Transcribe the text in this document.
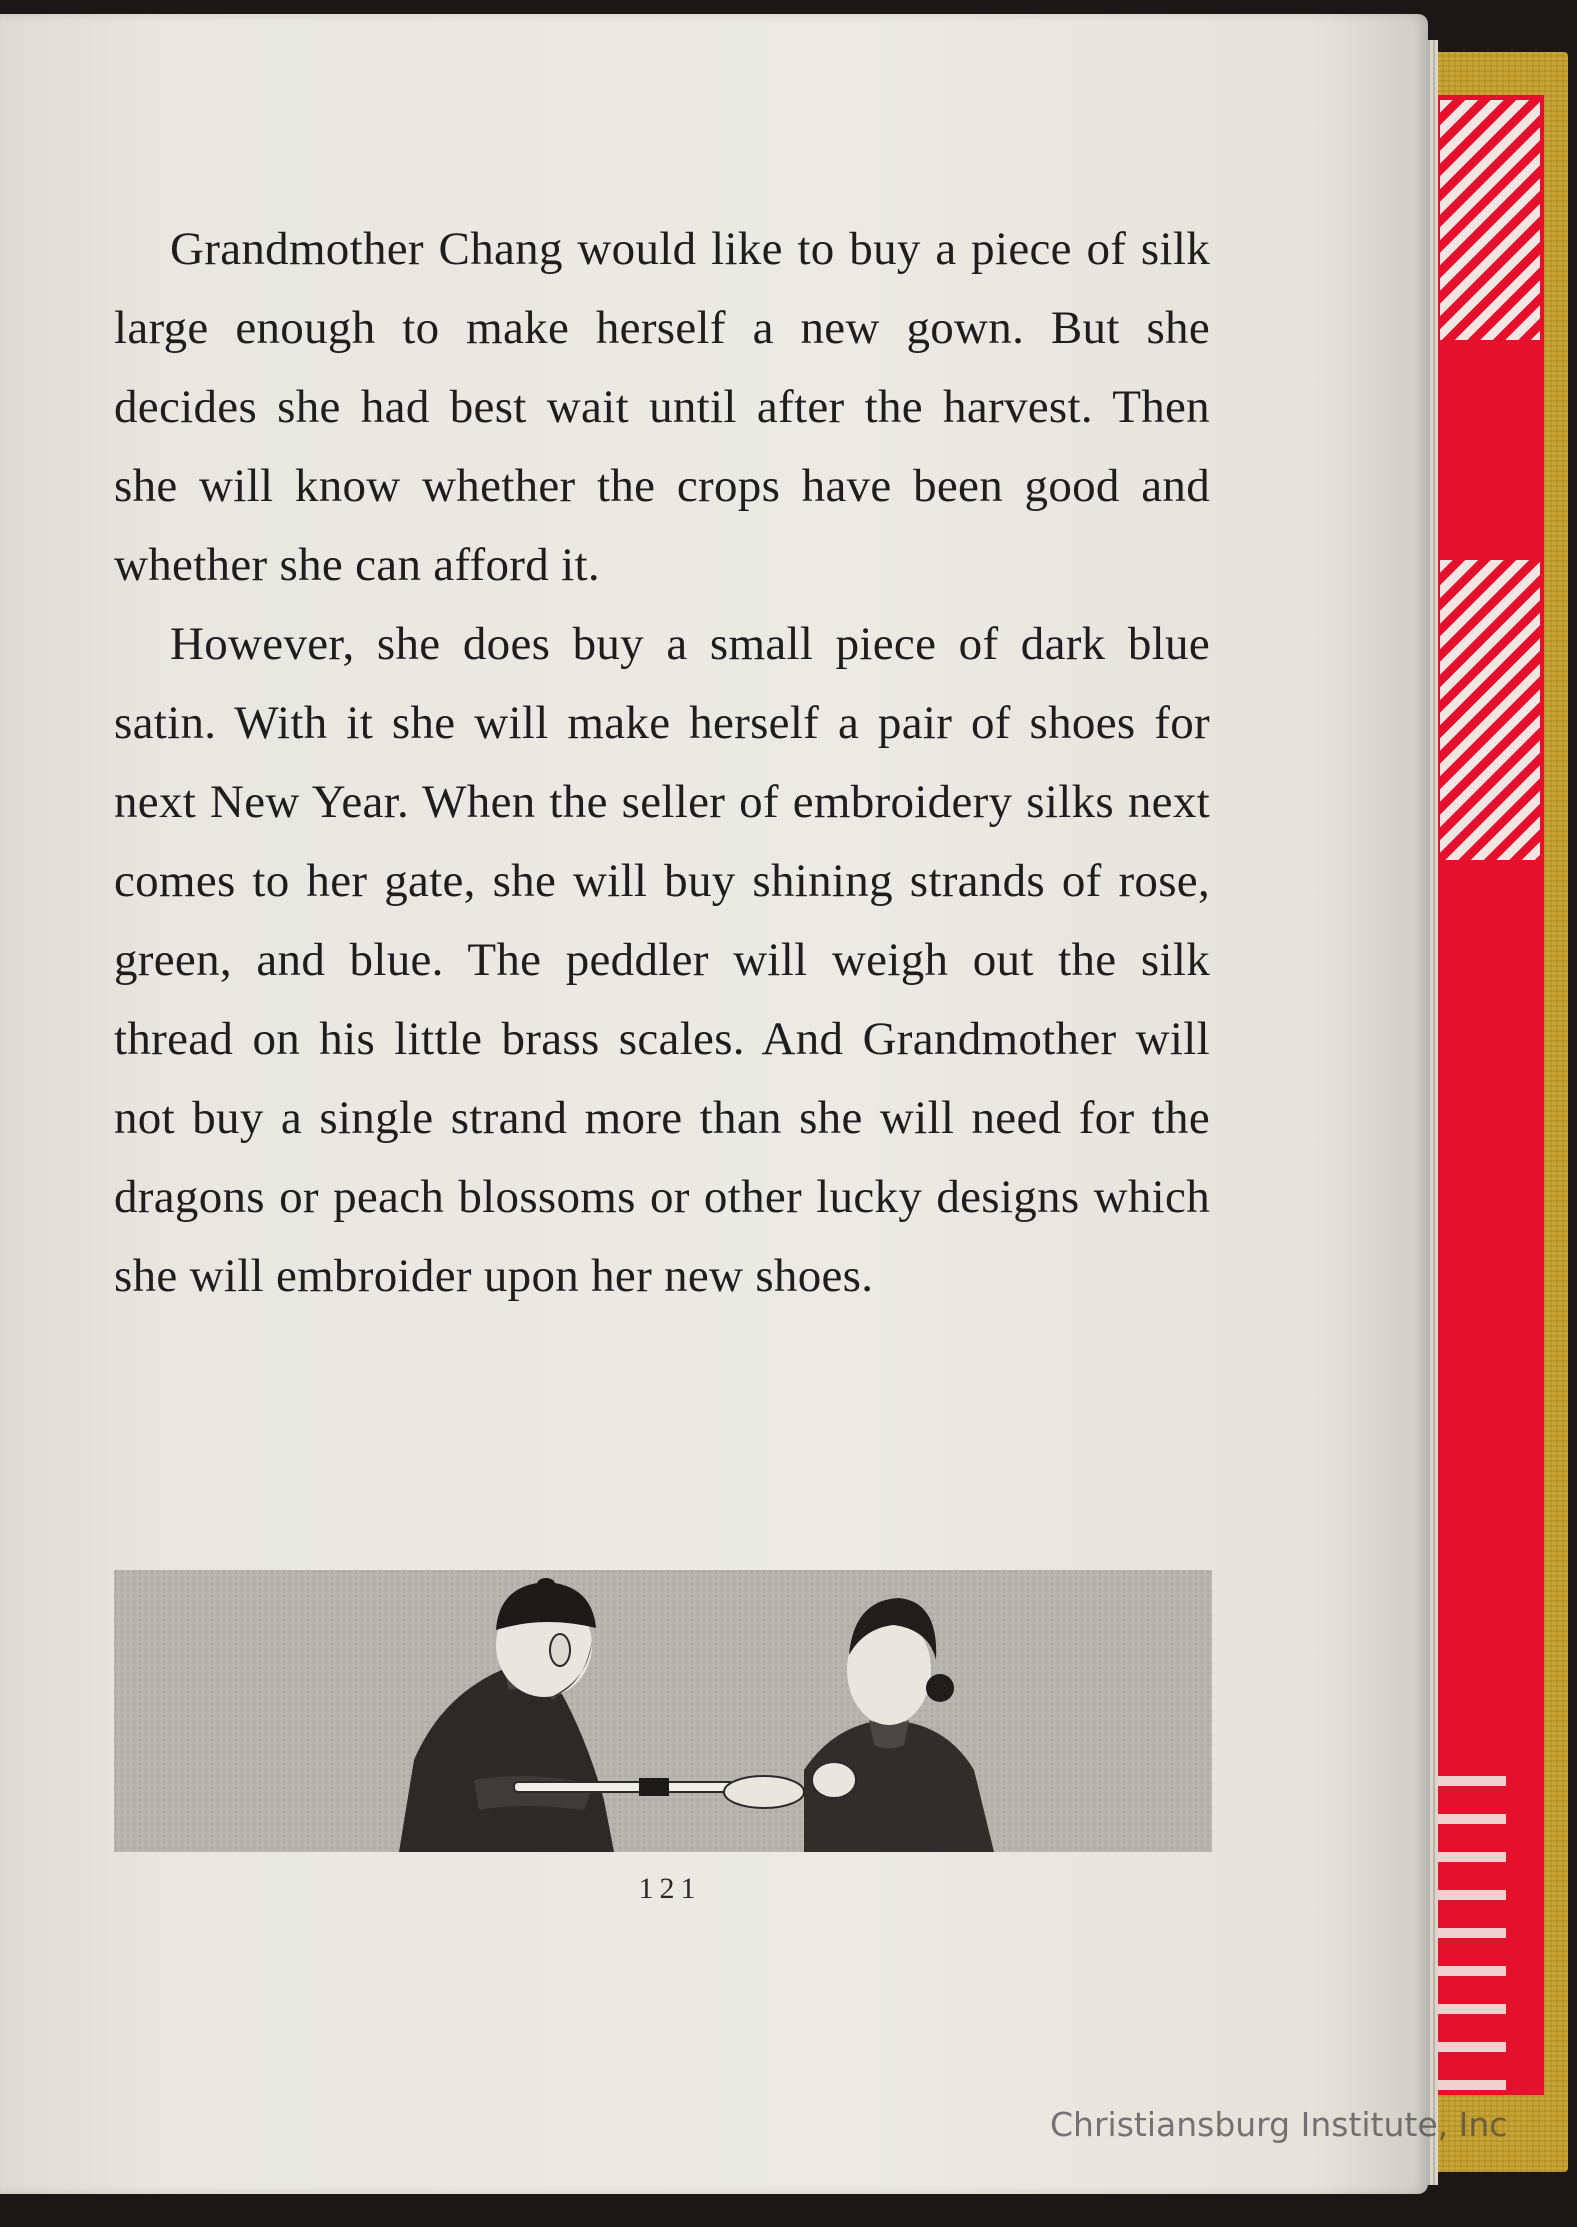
Grandmother Chang would like to buy a piece of silk large enough to make herself a new gown. But she decides she had best wait until after the harvest. Then she will know whether the crops have been good and whether she can afford it.

However, she does buy a small piece of dark blue satin. With it she will make herself a pair of shoes for next New Year. When the seller of embroidery silks next comes to her gate, she will buy shining strands of rose, green, and blue. The peddler will weigh out the silk thread on his little brass scales. And Grandmother will not buy a single strand more than she will need for the dragons or peach blossoms or other lucky designs which she will embroider upon her new shoes.

121
Christiansburg Institute, Inc
